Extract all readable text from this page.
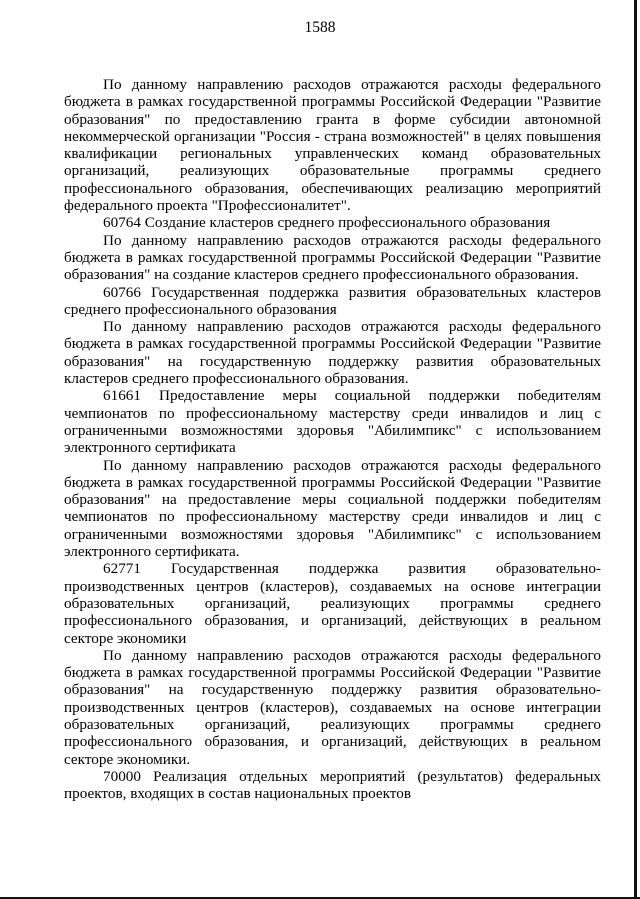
1588

По данному направлению расходов отражаются расходы федерального бюджета в рамках государственной программы Российской Федерации "Развитие образования" по предоставлению гранта в форме субсидии автономной некоммерческой организации "Россия - страна возможностей" в целях повышения квалификации региональных управленческих команд образовательных организаций, реализующих образовательные программы среднего профессионального образования, обеспечивающих реализацию мероприятий федерального проекта "Профессионалитет".

60764 Создание кластеров среднего профессионального образования

По данному направлению расходов отражаются расходы федерального бюджета в рамках государственной программы Российской Федерации "Развитие образования" на создание кластеров среднего профессионального образования.

60766 Государственная поддержка развития образовательных кластеров среднего профессионального образования

По данному направлению расходов отражаются расходы федерального бюджета в рамках государственной программы Российской Федерации "Развитие образования" на государственную поддержку развития образовательных кластеров среднего профессионального образования.

61661 Предоставление меры социальной поддержки победителям чемпионатов по профессиональному мастерству среди инвалидов и лиц с ограниченными возможностями здоровья "Абилимпикс" с использованием электронного сертификата

По данному направлению расходов отражаются расходы федерального бюджета в рамках государственной программы Российской Федерации "Развитие образования" на предоставление меры социальной поддержки победителям чемпионатов по профессиональному мастерству среди инвалидов и лиц с ограниченными возможностями здоровья "Абилимпикс" с использованием электронного сертификата.

62771 Государственная поддержка развития образовательно-производственных центров (кластеров), создаваемых на основе интеграции образовательных организаций, реализующих программы среднего профессионального образования, и организаций, действующих в реальном секторе экономики

По данному направлению расходов отражаются расходы федерального бюджета в рамках государственной программы Российской Федерации "Развитие образования" на государственную поддержку развития образовательно-производственных центров (кластеров), создаваемых на основе интеграции образовательных организаций, реализующих программы среднего профессионального образования, и организаций, действующих в реальном секторе экономики.

70000 Реализация отдельных мероприятий (результатов) федеральных проектов, входящих в состав национальных проектов
